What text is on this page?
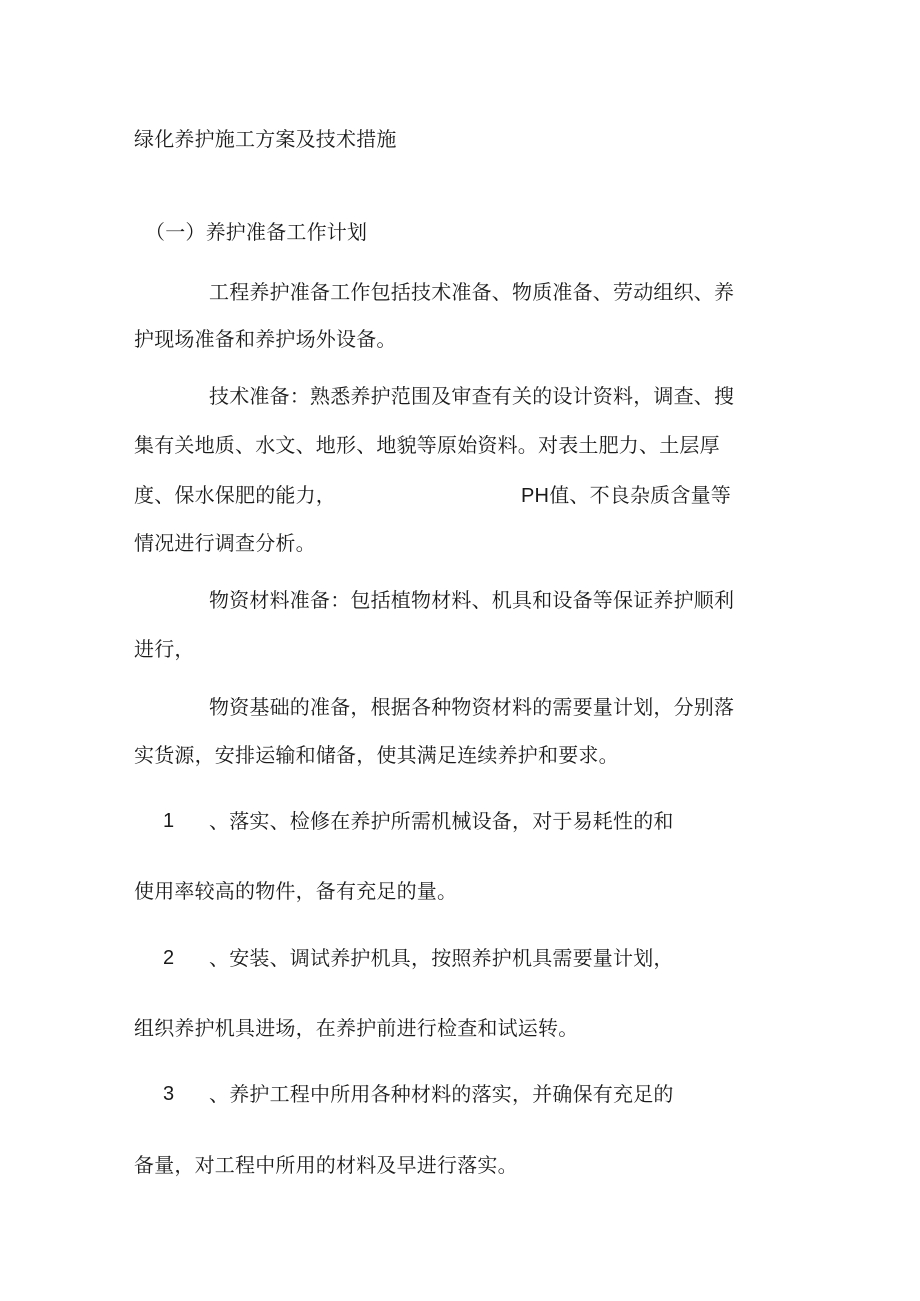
绿化养护施工方案及技术措施
（一）养护准备工作计划
工程养护准备工作包括技术准备、物质准备、劳动组织、养
护现场准备和养护场外设备。
技术准备：熟悉养护范围及审查有关的设计资料，调查、搜
集有关地质、水文、地形、地貌等原始资料。对表土肥力、土层厚
度、保水保肥的能力，	PH值、不良杂质含量等
情况进行调查分析。
物资材料准备：包括植物材料、机具和设备等保证养护顺利
进行，
物资基础的准备，根据各种物资材料的需要量计划，分别落
实货源，安排运输和储备，使其满足连续养护和要求。
1 、落实、检修在养护所需机械设备，对于易耗性的和
使用率较高的物件，备有充足的量。
2 、安装、调试养护机具，按照养护机具需要量计划，
组织养护机具进场，在养护前进行检查和试运转。
3 、养护工程中所用各种材料的落实，并确保有充足的
备量，对工程中所用的材料及早进行落实。
